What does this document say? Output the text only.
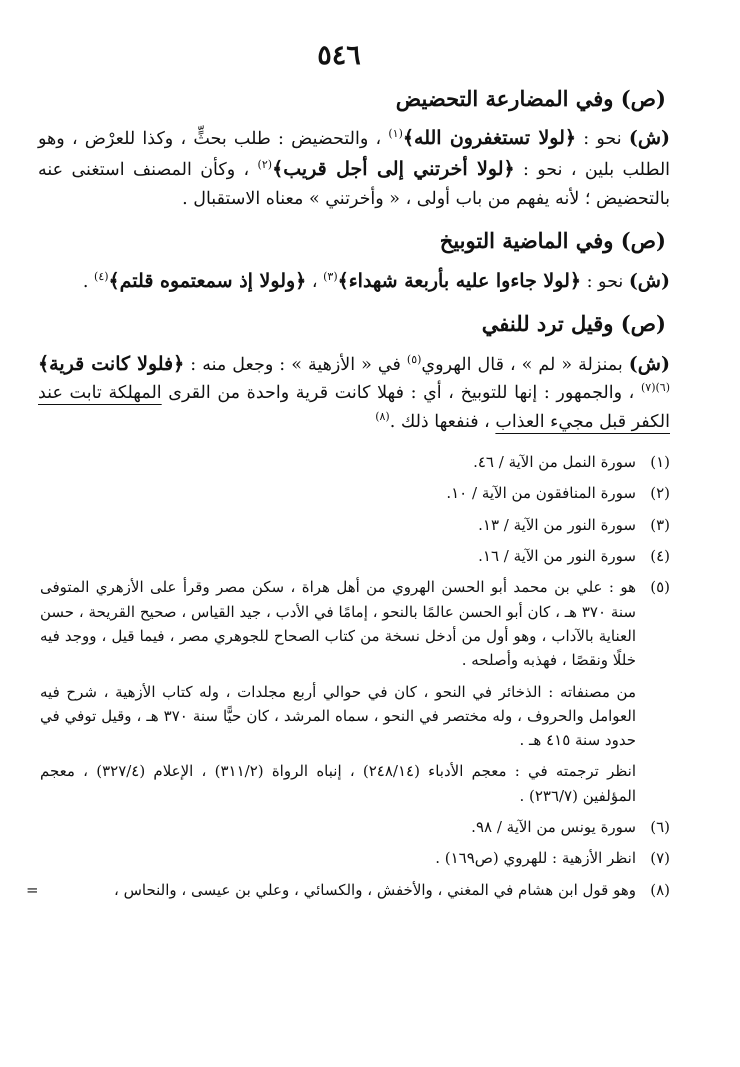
٥٤٦
(ص) وفي المضارعة التحضيض

(ش) نحو : ﴿لولا تستغفرون الله﴾$^{(١)}$ ، والتحضيض : طلب بحثٍّ ، وكذا للعرْض ، وهو الطلب بلين ، نحو : ﴿لولا أخرتني إلى أجل قريب﴾$^{(٢)}$ ، وكأن المصنف استغنى عنه بالتحضيض ؛ لأنه يفهم من باب أولى ، « وأخرتني » معناه الاستقبال .

(ص) وفي الماضية التوبيخ

(ش) نحو : ﴿لولا جاءوا عليه بأربعة شهداء﴾$^{(٣)}$ ، ﴿ولولا إذ سمعتموه قلتم﴾$^{(٤)}$ .

(ص) وقيل ترد للنفي

(ش) بمنزلة « لم » ، قال الهروي$^{(٥)}$ في « الأزهية » : وجعل منه : ﴿فلولا كانت قرية﴾$^{(٦)(٧)}$ ، والجمهور : إنها للتوبيخ ، أي : فهلا كانت قرية واحدة من القرى المهلكة تابت عند الكفر قبل مجيء العذاب ، فنفعها ذلك .$^{(٨)}$

(١)
سورة النمل من الآية / ٤٦.
(٢)
سورة المنافقون من الآية / ١٠.
(٣)
سورة النور من الآية / ١٣.
(٤)
سورة النور من الآية / ١٦.
(٥)
هو : علي بن محمد أبو الحسن الهروي من أهل هراة ، سكن مصر وقرأ على الأزهري المتوفى سنة ٣٧٠ هـ ، كان أبو الحسن عالمًا بالنحو ، إمامًا في الأدب ، جيد القياس ، صحيح القريحة ، حسن العناية بالآداب ، وهو أول من أدخل نسخة من كتاب الصحاح للجوهري مصر ، فيما قيل ، ووجد فيه خللًا ونقصًا ، فهذبه وأصلحه .
من مصنفاته : الذخائر في النحو ، كان في حوالي أربع مجلدات ، وله كتاب الأزهية ، شرح فيه العوامل والحروف ، وله مختصر في النحو ، سماه المرشد ، كان حيًّا سنة ٣٧٠ هـ ، وقيل توفي في حدود سنة ٤١٥ هـ .
انظر ترجمته في : معجم الأدباء (٢٤٨/١٤) ، إنباه الرواة (٣١١/٢) ، الإعلام (٣٢٧/٤) ، معجم المؤلفين (٢٣٦/٧) .
(٦)
سورة يونس من الآية / ٩٨.
(٧)
انظر الأزهية : للهروي (ص١٦٩) .
(٨)
وهو قول ابن هشام في المغني ، والأخفش ، والكسائي ، وعلي بن عيسى ، والنحاس ،
=
